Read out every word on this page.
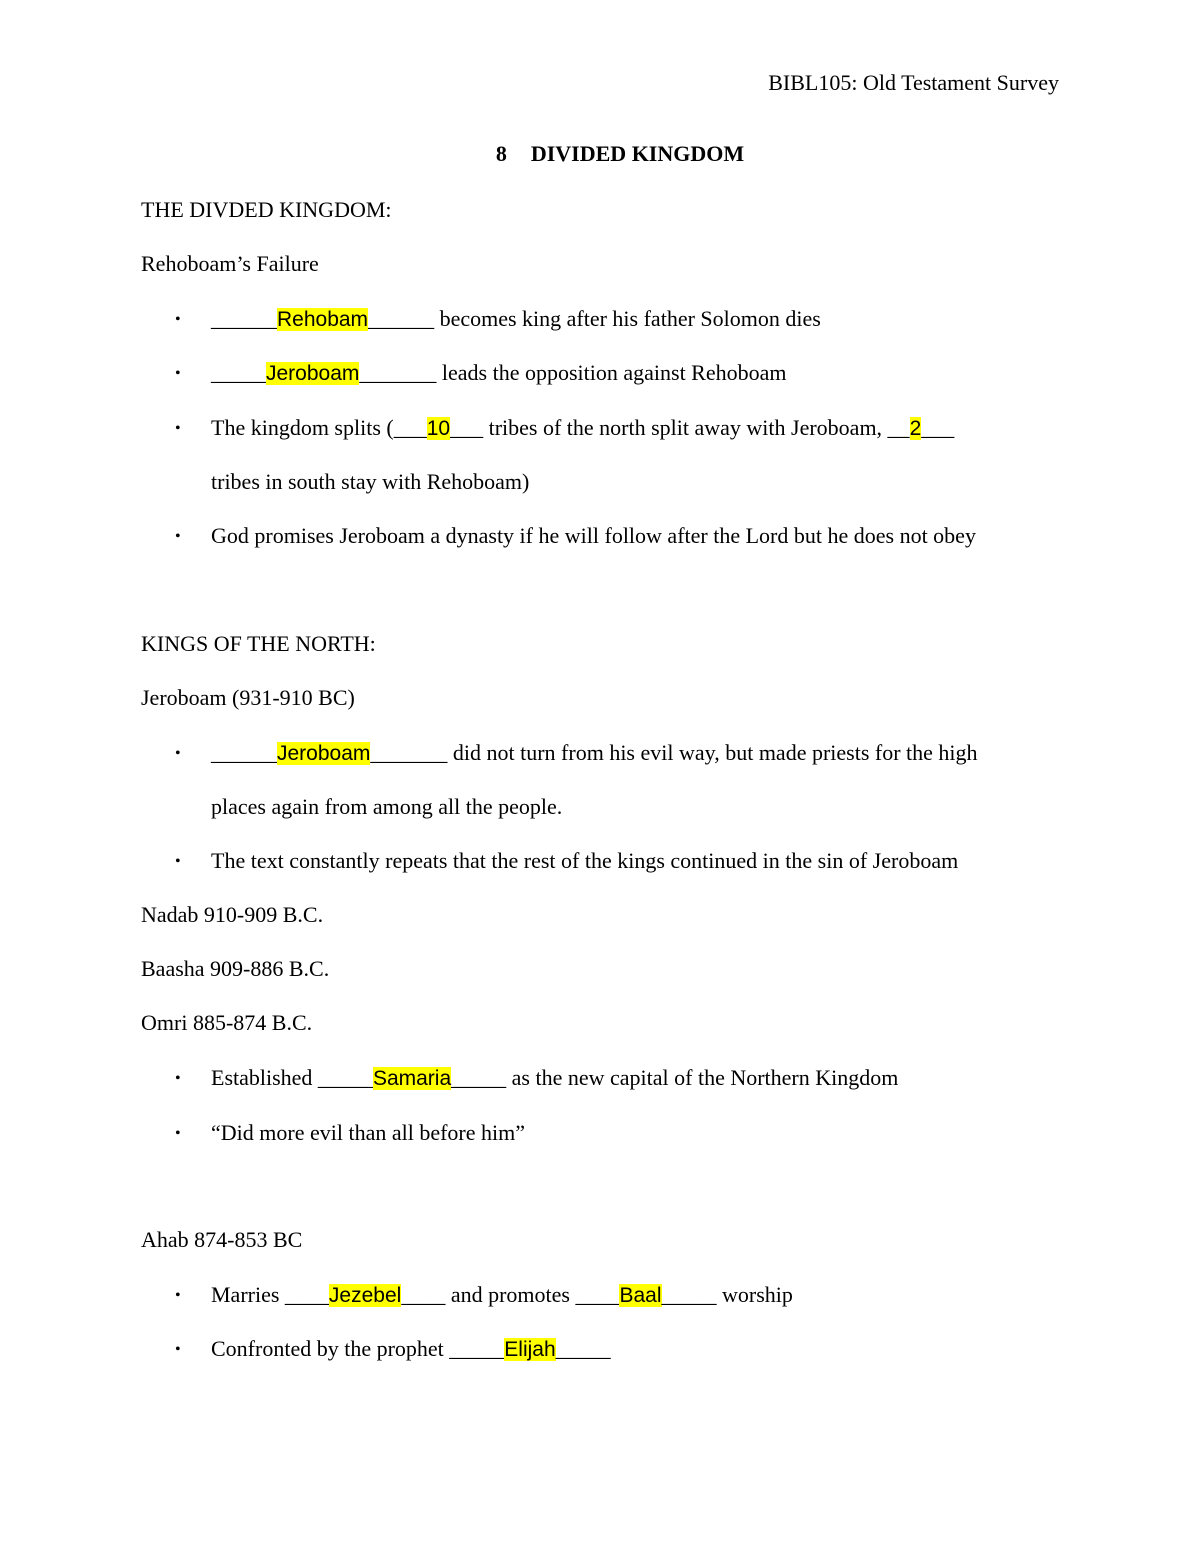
BIBL105: Old Testament Survey
8 DIVIDED KINGDOM
THE DIVDED KINGDOM:
Rehoboam’s Failure
• ______Rehobam______ becomes king after his father Solomon dies
• _____Jeroboam_______ leads the opposition against Rehoboam
• The kingdom splits (___10___ tribes of the north split away with Jeroboam, __2___
tribes in south stay with Rehoboam)
• God promises Jeroboam a dynasty if he will follow after the Lord but he does not obey
KINGS OF THE NORTH:
Jeroboam (931-910 BC)
• ______Jeroboam_______ did not turn from his evil way, but made priests for the high
places again from among all the people.
• The text constantly repeats that the rest of the kings continued in the sin of Jeroboam
Nadab 910-909 B.C.
Baasha 909-886 B.C.
Omri 885-874 B.C.
• Established _____Samaria_____ as the new capital of the Northern Kingdom
• “Did more evil than all before him”
Ahab 874-853 BC
• Marries ____Jezebel____ and promotes ____Baal_____ worship
• Confronted by the prophet _____Elijah_____
